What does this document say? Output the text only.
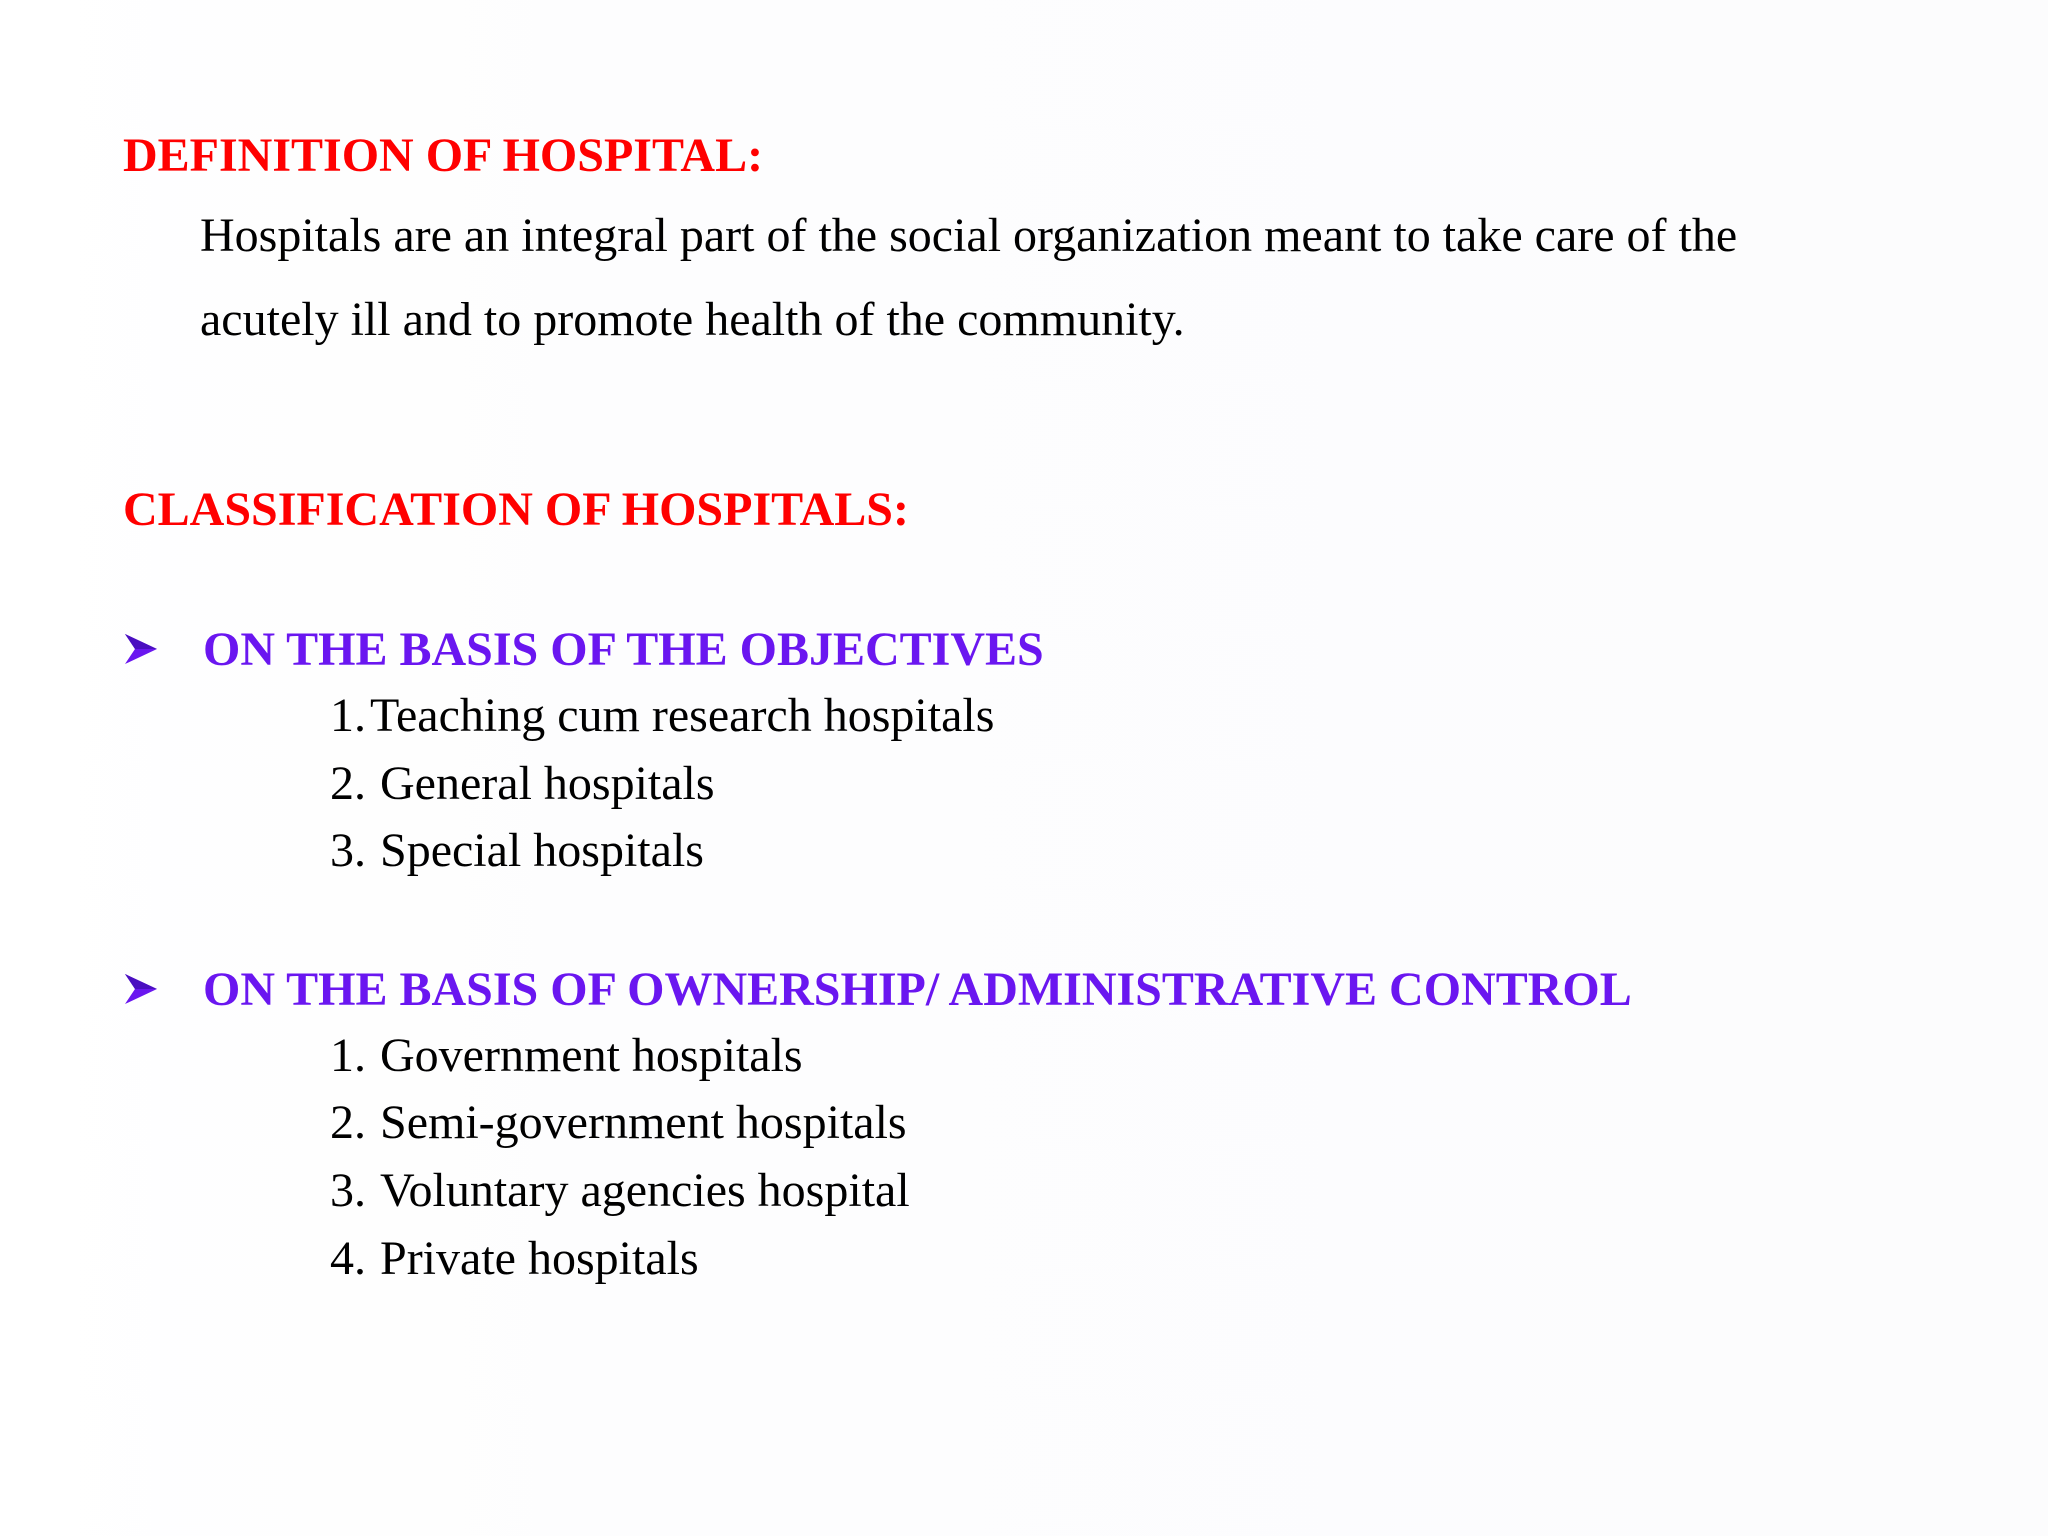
DEFINITION OF HOSPITAL:
Hospitals are an integral part of the social organization meant to take care of the
acutely ill and to promote health of the community.
CLASSIFICATION OF HOSPITALS:
ON THE BASIS OF THE OBJECTIVES
1.Teaching cum research hospitals
2. General hospitals
3. Special hospitals
ON THE BASIS OF OWNERSHIP/ ADMINISTRATIVE CONTROL
1. Government hospitals
2. Semi-government hospitals
3. Voluntary agencies hospital
4. Private hospitals
